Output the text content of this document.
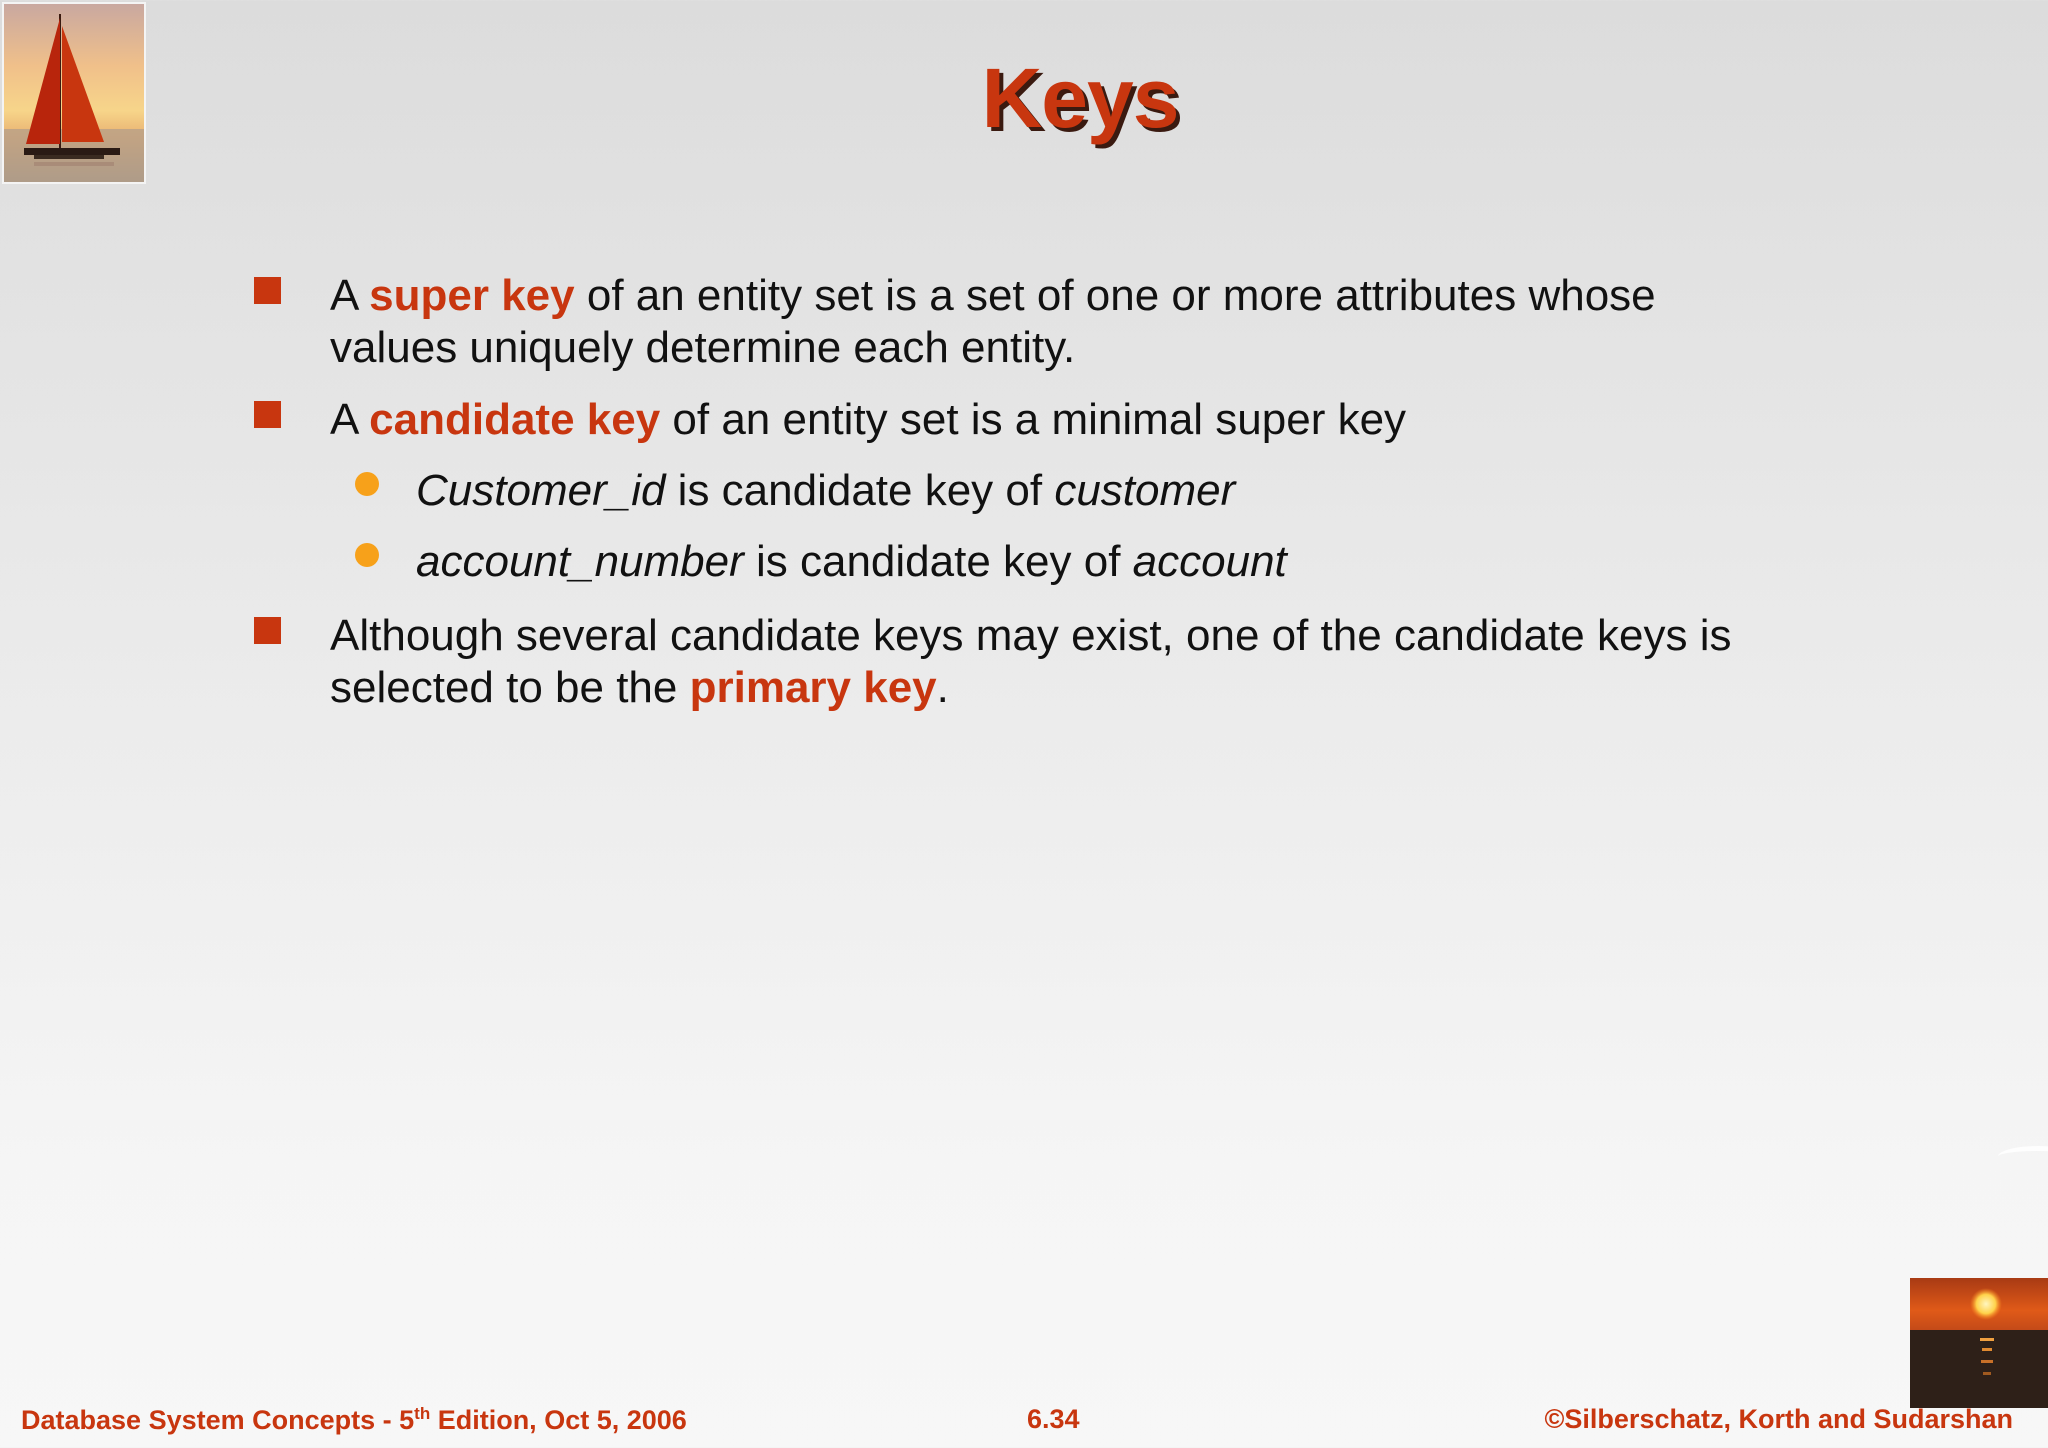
Keys
A super key of an entity set is a set of one or more attributes whose
values uniquely determine each entity.
A candidate key of an entity set is a minimal super key
Customer_id is candidate key of customer
account_number is candidate key of account
Although several candidate keys may exist, one of the candidate keys is
selected to be the primary key.
Database System Concepts - 5th Edition, Oct 5, 2006	6.34	©Silberschatz, Korth and Sudarshan
